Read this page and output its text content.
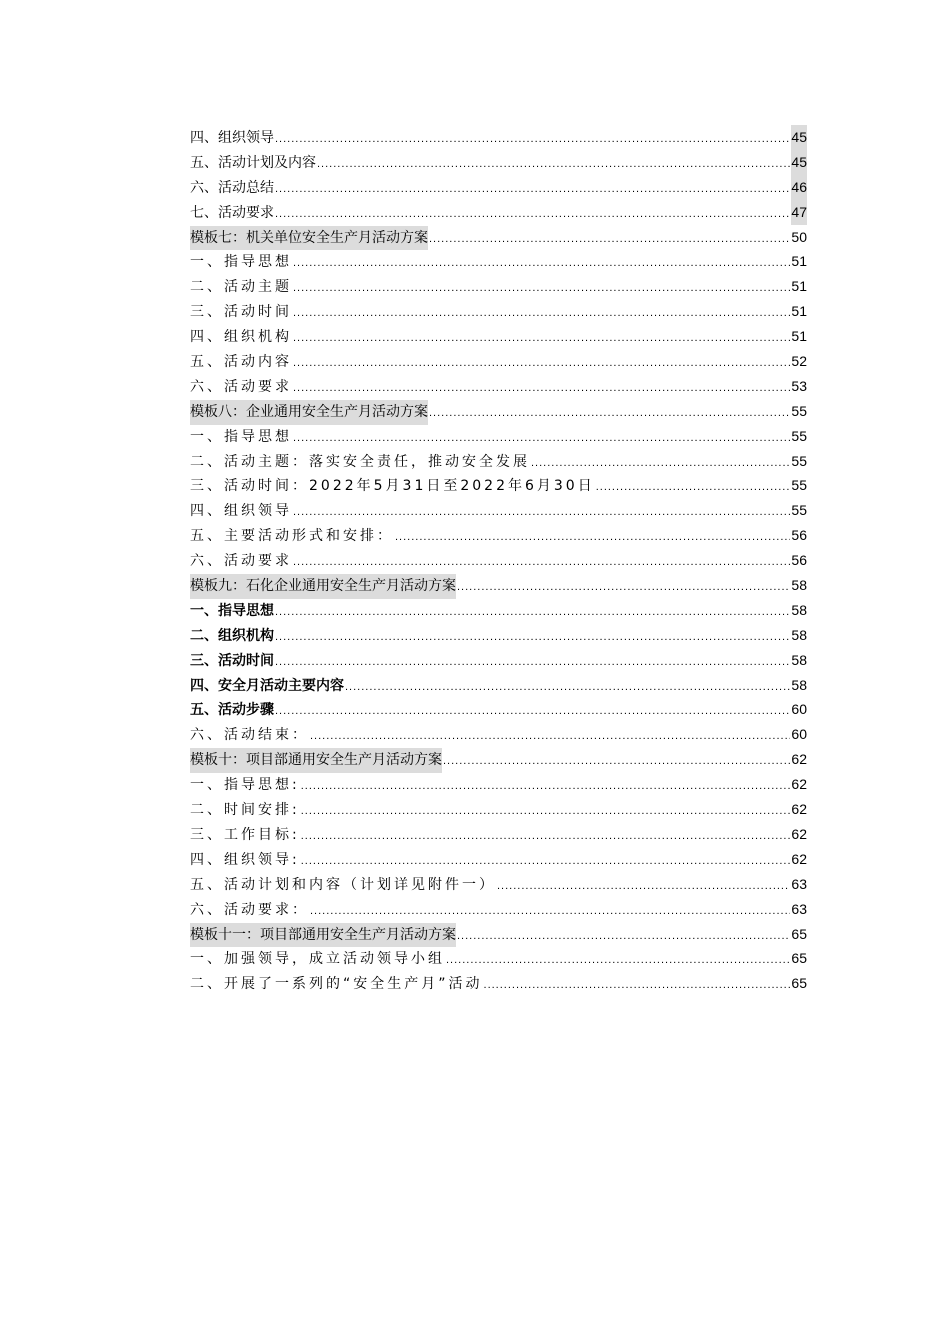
四、组织领导 .....	45
五、活动计划及内容 .....	45
六、活动总结 .....	46
七、活动要求 .....	47
模板七：机关单位安全生产月活动方案 .....	50
一、指导思想 .....	51
二、活动主题 .....	51
三、活动时间 .....	51
四、组织机构 .....	51
五、活动内容 .....	52
六、活动要求 .....	53
模板八：企业通用安全生产月活动方案 .....	55
一、指导思想 .....	55
二、活动主题：落实安全责任，推动安全发展 .....	55
三、活动时间：2022年5月31日至2022年6月30日 .....	55
四、组织领导 .....	55
五、主要活动形式和安排： .....	56
六、活动要求 .....	56
模板九：石化企业通用安全生产月活动方案 .....	58
一、指导思想 .....	58
二、组织机构 .....	58
三、活动时间 .....	58
四、安全月活动主要内容 .....	58
五、活动步骤 .....	60
六、活动结束： .....	60
模板十：项目部通用安全生产月活动方案 .....	62
一、指导思想: .....	62
二、时间安排: .....	62
三、工作目标: .....	62
四、组织领导: .....	62
五、活动计划和内容（计划详见附件一） .....	63
六、活动要求： .....	63
模板十一：项目部通用安全生产月活动方案 .....	65
一、加强领导，成立活动领导小组 .....	65
二、开展了一系列的“安全生产月”活动 .....	65
